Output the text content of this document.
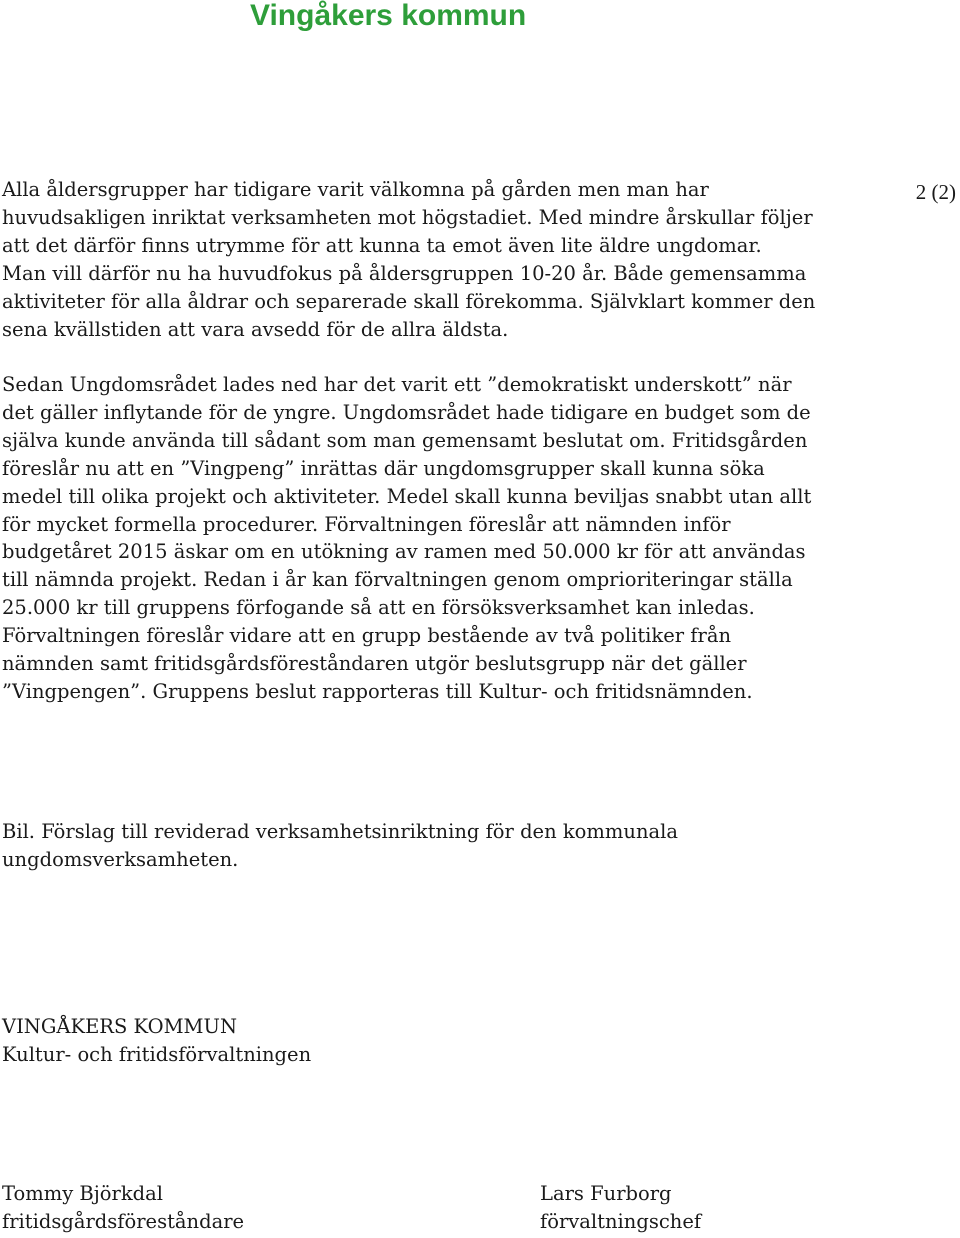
Vingåkers kommun
2 (2)
Alla åldersgrupper har tidigare varit välkomna på gården men man har
huvudsakligen inriktat verksamheten mot högstadiet. Med mindre årskullar följer
att det därför finns utrymme för att kunna ta emot även lite äldre ungdomar.
Man vill därför nu ha huvudfokus på åldersgruppen 10-20 år. Både gemensamma
aktiviteter för alla åldrar och separerade skall förekomma. Självklart kommer den
sena kvällstiden att vara avsedd för de allra äldsta.
Sedan Ungdomsrådet lades ned har det varit ett ”demokratiskt underskott” när
det gäller inflytande för de yngre. Ungdomsrådet hade tidigare en budget som de
själva kunde använda till sådant som man gemensamt beslutat om. Fritidsgården
föreslår nu att en ”Vingpeng” inrättas där ungdomsgrupper skall kunna söka
medel till olika projekt och aktiviteter. Medel skall kunna beviljas snabbt utan allt
för mycket formella procedurer. Förvaltningen föreslår att nämnden inför
budgetåret 2015 äskar om en utökning av ramen med 50.000 kr för att användas
till nämnda projekt. Redan i år kan förvaltningen genom omprioriteringar ställa
25.000 kr till gruppens förfogande så att en försöksverksamhet kan inledas.
Förvaltningen föreslår vidare att en grupp bestående av två politiker från
nämnden samt fritidsgårdsföreståndaren utgör beslutsgrupp när det gäller
”Vingpengen”. Gruppens beslut rapporteras till Kultur- och fritidsnämnden.
Bil. Förslag till reviderad verksamhetsinriktning för den kommunala
ungdomsverksamheten.
VINGÅKERS KOMMUN
Kultur- och fritidsförvaltningen
Tommy Björkdal
fritidsgårdsföreståndare
Lars Furborg
förvaltningschef
